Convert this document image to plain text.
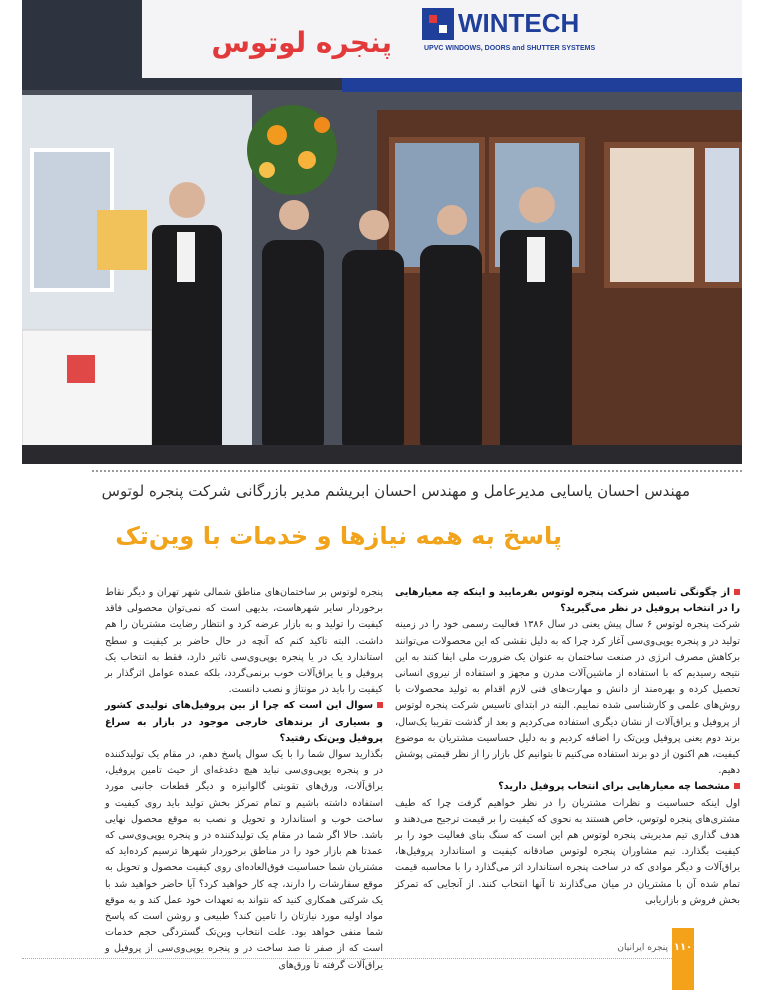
WINTECH
UPVC WINDOWS, DOORS and SHUTTER SYSTEMS
پنجره لوتوس
مهندس احسان یاسایی مدیرعامل و مهندس احسان ابریشم مدیر بازرگانی شرکت پنجره لوتوس
پاسخ به همه نیازها و خدمات با وین‌تک

از چگونگی تاسیس شرکت پنجره لوتوس بفرمایید و اینکه چه معیارهایی را در انتخاب پروفیل در نظر می‌گیرید؟

شرکت پنجره لوتوس ۶ سال پیش یعنی در سال ۱۳۸۶ فعالیت رسمی خود را در زمینه تولید در و پنجره یوپی‌وی‌سی آغاز کرد چرا که به دلیل نقشی که این محصولات می‌توانند برکاهش مصرف انرژی در صنعت ساختمان به عنوان یک ضرورت ملی ایفا کنند به این نتیجه رسیدیم که با استفاده از ماشین‌آلات مدرن و مجهز و استفاده از نیروی انسانی تحصیل کرده و بهره‌مند از دانش و مهارت‌های فنی لازم اقدام به تولید محصولات با روش‌های علمی و کارشناسی شده نماییم. البته در ابتدای تاسیس شرکت پنجره لوتوس از پروفیل و یراق‌آلات از نشان دیگری استفاده می‌کردیم و بعد از گذشت تقریبا یک‌سال، برند دوم یعنی پروفیل وین‌تک را اضافه کردیم و به دلیل حساسیت مشتریان به موضوع کیفیت، هم اکنون از دو برند استفاده می‌کنیم تا بتوانیم کل بازار را از نظر قیمتی پوشش دهیم.

مشخصا چه معیارهایی برای انتخاب پروفیل دارید؟

اول اینکه حساسیت و نظرات مشتریان را در نظر خواهیم گرفت چرا که طیف مشتری‌های پنجره لوتوس، خاص هستند به نحوی که کیفیت را بر قیمت ترجیح می‌دهند و هدف گذاری تیم مدیریتی پنجره لوتوس هم این است که سنگ بنای فعالیت خود را بر کیفیت بگذارد. تیم مشاوران پنجره لوتوس صادقانه کیفیت و استاندارد پروفیل‌ها، یراق‌آلات و دیگر موادی که در ساخت پنجره استاندارد اثر می‌گذارد را با محاسبه قیمت تمام شده آن با مشتریان در میان می‌گذارند تا آنها انتخاب کنند. از آنجایی که تمرکز بخش فروش و بازاریابی

پنجره لوتوس بر ساختمان‌های مناطق شمالی شهر تهران و دیگر نقاط برخوردار سایر شهرهاست، بدیهی است که نمی‌توان محصولی فاقد کیفیت را تولید و به بازار عرضه کرد و انتظار رضایت مشتریان را هم داشت. البته تاکید کنم که آنچه در حال حاضر بر کیفیت و سطح استاندارد یک در یا پنجره یوپی‌وی‌سی تاثیر دارد، فقط به انتخاب یک پروفیل و یا یراق‌آلات خوب برنمی‌گردد، بلکه عمده عوامل اثرگذار بر کیفیت را باید در مونتاژ و نصب دانست.

سوال این است که چرا از بین پروفیل‌های تولیدی کشور و بسیاری از برندهای خارجی موجود در بازار به سراغ پروفیل وین‌تک رفتید؟

بگذارید سوال شما را با یک سوال پاسخ دهم، در مقام یک تولیدکننده در و پنجره یوپی‌وی‌سی نباید هیچ دغدغه‌ای از حیث تامین پروفیل، یراق‌آلات، ورق‌های تقویتی گالوانیزه و دیگر قطعات جانبی مورد استفاده داشته باشیم و تمام تمرکز بخش تولید باید روی کیفیت و ساخت خوب و استاندارد و تحویل و نصب به موقع محصول نهایی باشد. حالا اگر شما در مقام یک تولیدکننده در و پنجره یوپی‌وی‌سی که عمدتا هم بازار خود را در مناطق برخوردار شهرها ترسیم کرده‌اید که مشتریان شما حساسیت فوق‌العاده‌ای روی کیفیت محصول و تحویل به موقع سفارشات را دارند، چه کار خواهید کرد؟ آیا حاضر خواهید شد با یک شرکتی همکاری کنید که نتواند به تعهدات خود عمل کند و به موقع مواد اولیه مورد نیازتان را تامین کند؟ طبیعی و روشن است که پاسخ شما منفی خواهد بود. علت انتخاب وین‌تک گستردگی حجم خدمات است که از صفر تا صد ساخت در و پنجره یوپی‌وی‌سی از پروفیل و یراق‌آلات گرفته تا ورق‌های

۱۱۰
پنجره ایرانیان
